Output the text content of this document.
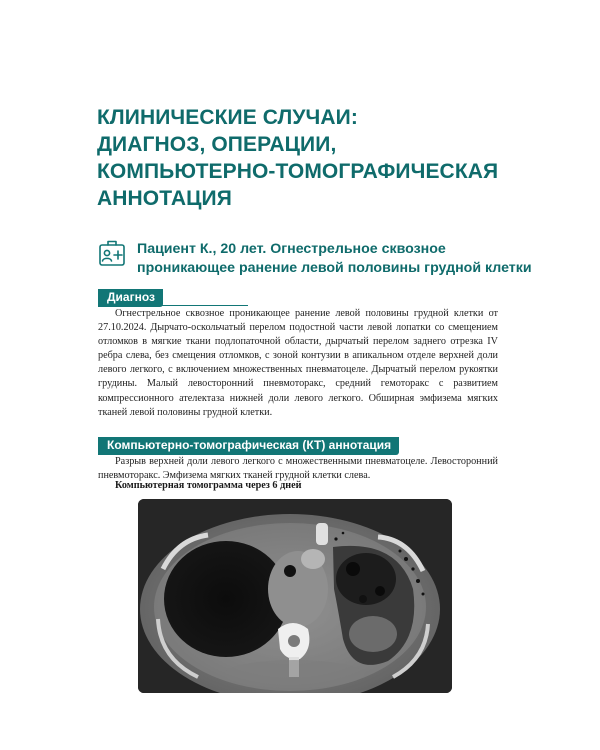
КЛИНИЧЕСКИЕ СЛУЧАИ:
ДИАГНОЗ, ОПЕРАЦИИ,
КОМПЬЮТЕРНО-ТОМОГРАФИЧЕСКАЯ
АННОТАЦИЯ
Пациент К., 20 лет. Огнестрельное сквозное
проникающее ранение левой половины грудной клетки
Диагноз

Огнестрельное сквозное проникающее ранение левой половины грудной клетки от 27.10.2024. Дырчато-оскольчатый перелом подостной части левой лопатки со смещением отломков в мягкие ткани подлопаточной области, дырчатый перелом заднего отрезка IV ребра слева, без смещения отломков, с зоной контузии в апикальном отделе верхней доли левого легкого, с включением множественных пневматоцеле. Дырчатый перелом рукоятки грудины. Малый левосторонний пневмоторакс, средний гемоторакс с развитием компрессионного ателектаза нижней доли левого легкого. Обширная эмфизема мягких тканей левой половины грудной клетки.

Компьютерно-томографическая (КТ) аннотация

Разрыв верхней доли левого легкого с множественными пневматоцеле. Левосторонний пневмоторакс. Эмфизема мягких тканей грудной клетки слева.

Компьютерная томограмма через 6 дней
